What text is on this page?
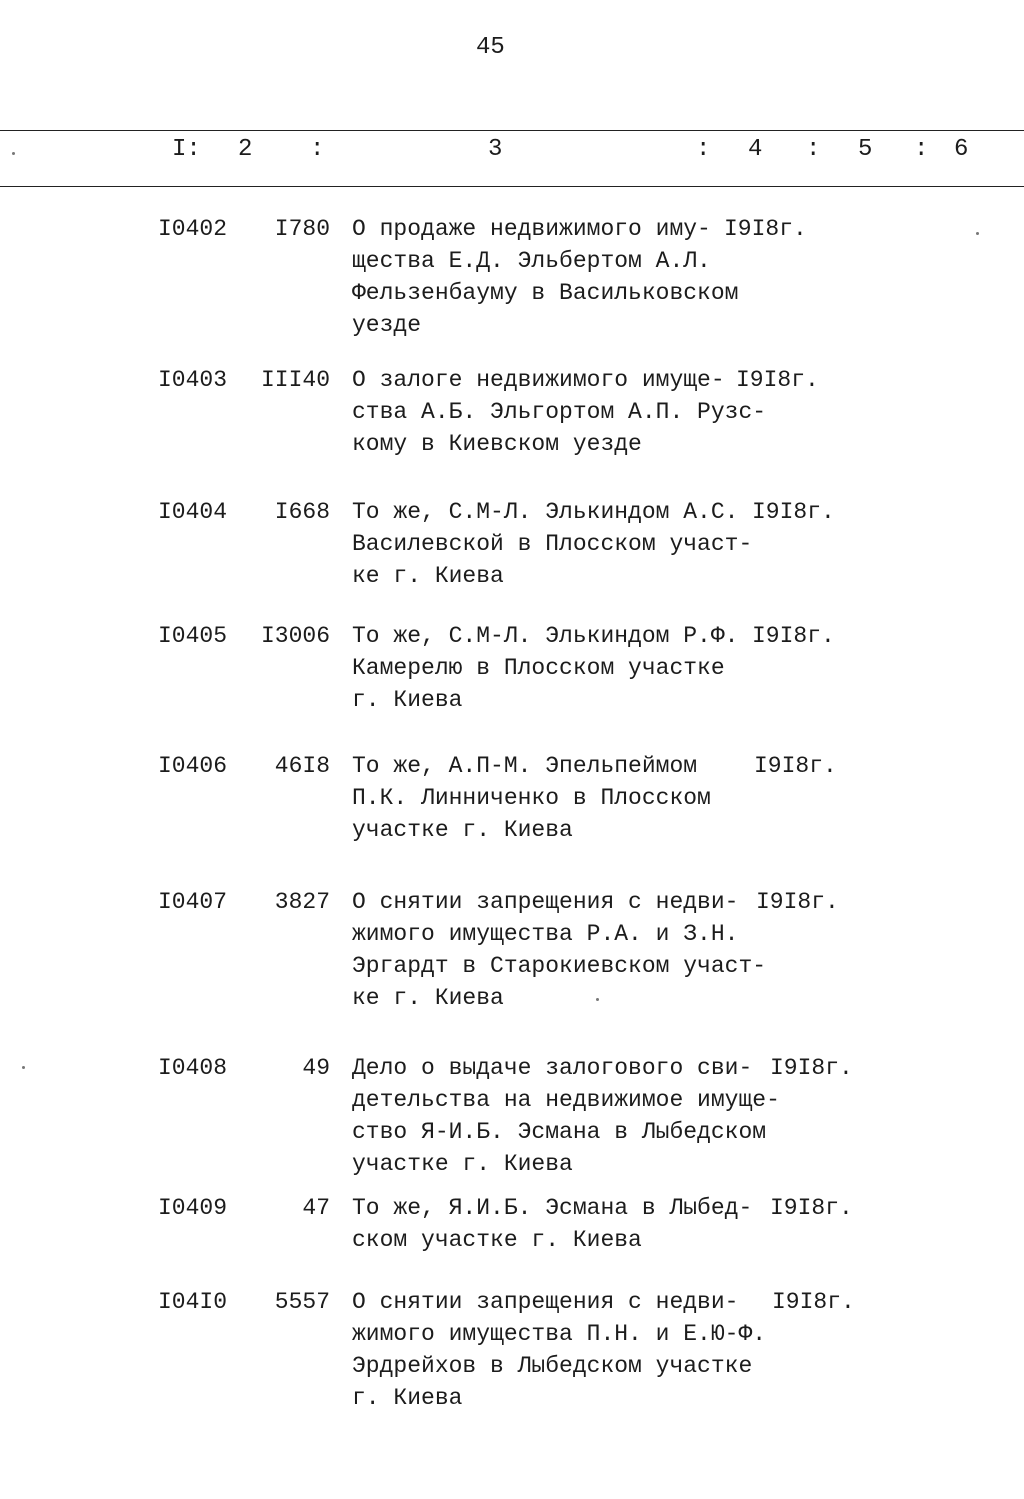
45
I: 2 :	3	: 4 : 5 : 6
I0402	I780 О продаже недвижимого иму-
щества Е.Д. Эльбертом А.Л.
Фельзенбауму в Васильковском
уезде
I9I8г.
I0403	III40 О залоге недвижимого имуще-
ства А.Б. Эльгортом А.П. Рузс-
кому в Киевском уезде
I9I8г.
I0404	I668 То же, С.М-Л. Элькиндом А.С.
Василевской в Плосском участ-
ке г. Киева
I9I8г.
I0405	I3006 То же, С.М-Л. Элькиндом Р.Ф.
Камерелю в Плосском участке
г. Киева
I9I8г.
I0406	46I8 То же, А.П-М. Эпельпеймом
П.К. Линниченко в Плосском
участке г. Киева
I9I8г.
I0407	3827 О снятии запрещения с недви-
жимого имущества Р.А. и З.Н.
Эргардт в Старокиевском участ-
ке г. Киева
I9I8г.
I0408	49 Дело о выдаче залогового сви-
детельства на недвижимое имуще-
ство Я-И.Б. Эсмана в Лыбедском
участке г. Киева
I9I8г.
I0409	47 То же, Я.И.Б. Эсмана в Лыбед-
ском участке г. Киева
I9I8г.
I04I0	5557 О снятии запрещения с недви-
жимого имущества П.Н. и Е.Ю-Ф.
Эрдрейхов в Лыбедском участке
г. Киева
I9I8г.
